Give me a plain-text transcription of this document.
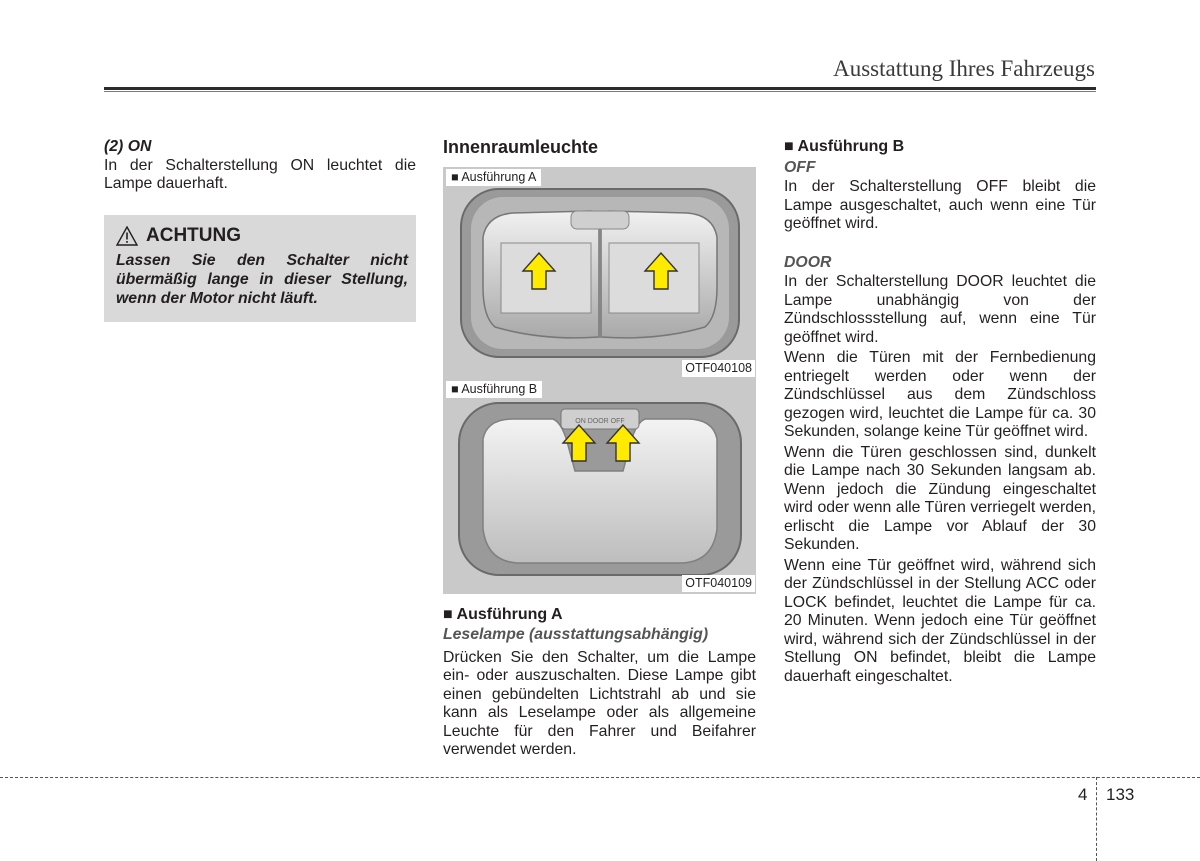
Ausstattung Ihres Fahrzeugs

(2) ON

In der Schalterstellung ON leuchtet die Lampe dauerhaft.

ACHTUNG
Lassen Sie den Schalter nicht übermäßig lange in dieser Stellung, wenn der Motor nicht läuft.

Innenraumleuchte

■ Ausführung A
OTF040108
ON DOOR OFF
■ Ausführung B
OTF040109

■ Ausführung A

Leselampe (ausstattungsabhängig)

Drücken Sie den Schalter, um die Lampe ein- oder auszuschalten. Diese Lampe gibt einen gebündelten Lichtstrahl ab und sie kann als Leselampe oder als allgemeine Leuchte für den Fahrer und Beifahrer verwendet werden.

■ Ausführung B

OFF

In der Schalterstellung OFF bleibt die Lampe ausgeschaltet, auch wenn eine Tür geöffnet wird.

DOOR

In der Schalterstellung DOOR leuchtet die Lampe unabhängig von der Zündschlossstellung auf, wenn eine Tür geöffnet wird.

Wenn die Türen mit der Fernbedienung entriegelt werden oder wenn der Zündschlüssel aus dem Zündschloss gezogen wird, leuchtet die Lampe für ca. 30 Sekunden, solange keine Tür geöffnet wird.

Wenn die Türen geschlossen sind, dunkelt die Lampe nach 30 Sekunden langsam ab. Wenn jedoch die Zündung eingeschaltet wird oder wenn alle Türen verriegelt werden, erlischt die Lampe vor Ablauf der 30 Sekunden.

Wenn eine Tür geöffnet wird, während sich der Zündschlüssel in der Stellung ACC oder LOCK befindet, leuchtet die Lampe für ca. 20 Minuten. Wenn jedoch eine Tür geöffnet wird, während sich der Zündschlüssel in der Stellung ON befindet, bleibt die Lampe dauerhaft eingeschaltet.

4 133
